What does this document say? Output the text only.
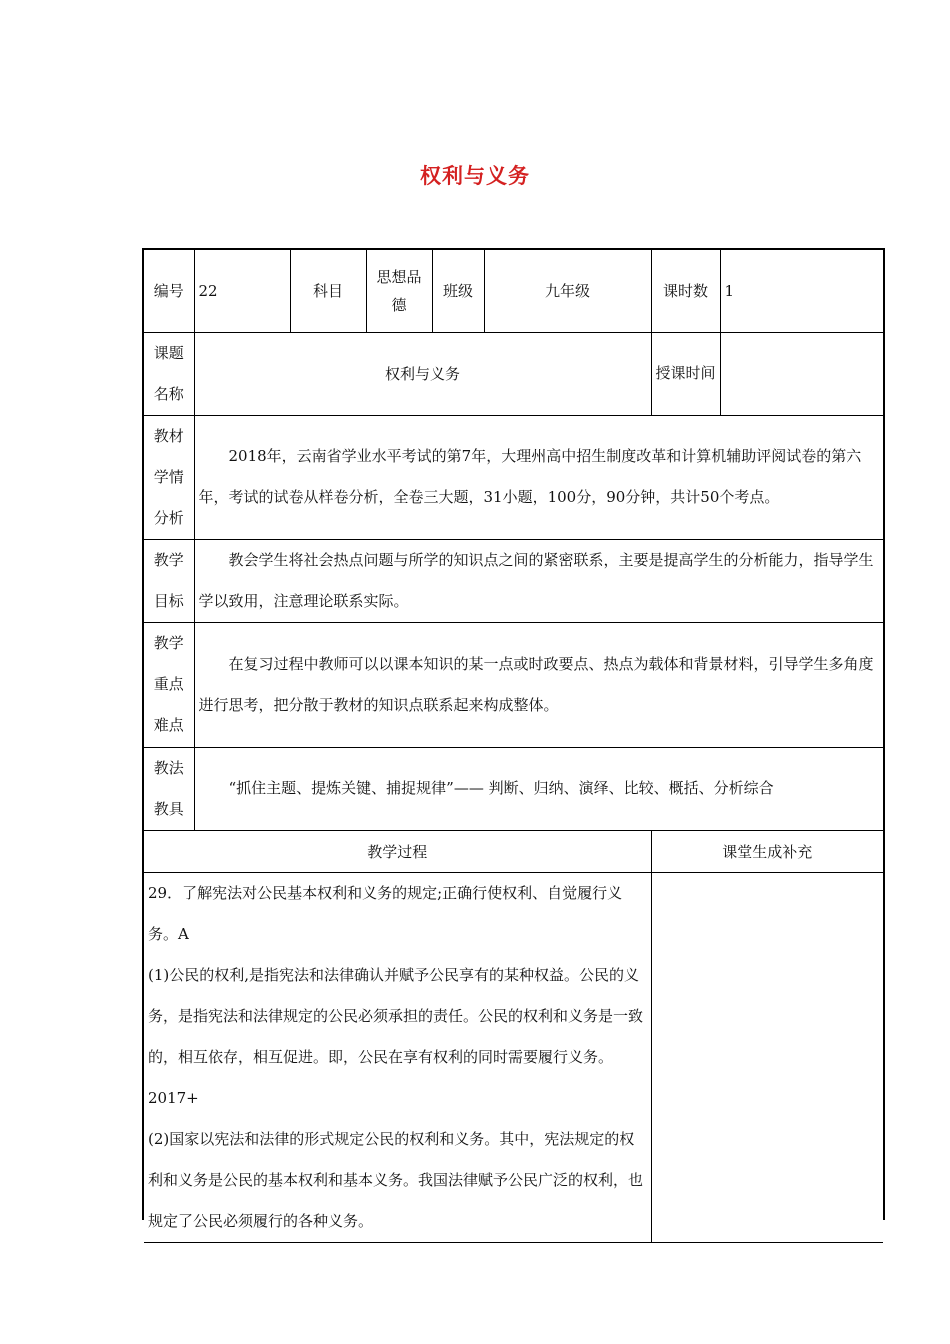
权利与义务
编号	22	科目	思想品德	班级	九年级	课时数	1
课题名称	权利与义务					授课时间	
教材学情分析	2018年，云南省学业水平考试的第7年，大理州高中招生制度改革和计算机辅助评阅试卷的第六年，考试的试卷从样卷分析，全卷三大题，31小题，100分，90分钟，共计50个考点。						
教学目标	教会学生将社会热点问题与所学的知识点之间的紧密联系，主要是提高学生的分析能力，指导学生学以致用，注意理论联系实际。						
教学重点难点	在复习过程中教师可以以课本知识的某一点或时政要点、热点为载体和背景材料，引导学生多角度进行思考，把分散于教材的知识点联系起来构成整体。						
教法教具	“抓住主题、提炼关键、捕捉规律”—— 判断、归纳、演绎、比较、概括、分析综合						
教学过程						课堂生成补充	

29．了解宪法对公民基本权利和义务的规定;正确行使权利、自觉履行义务。A

(1)公民的权利,是指宪法和法律确认并赋予公民享有的某种权益。公民的义务，是指宪法和法律规定的公民必须承担的责任。公民的权利和义务是一致的，相互依存，相互促进。即，公民在享有权利的同时需要履行义务。2017+

(2)国家以宪法和法律的形式规定公民的权利和义务。其中，宪法规定的权利和义务是公民的基本权利和基本义务。我国法律赋予公民广泛的权利，也规定了公民必须履行的各种义务。							
